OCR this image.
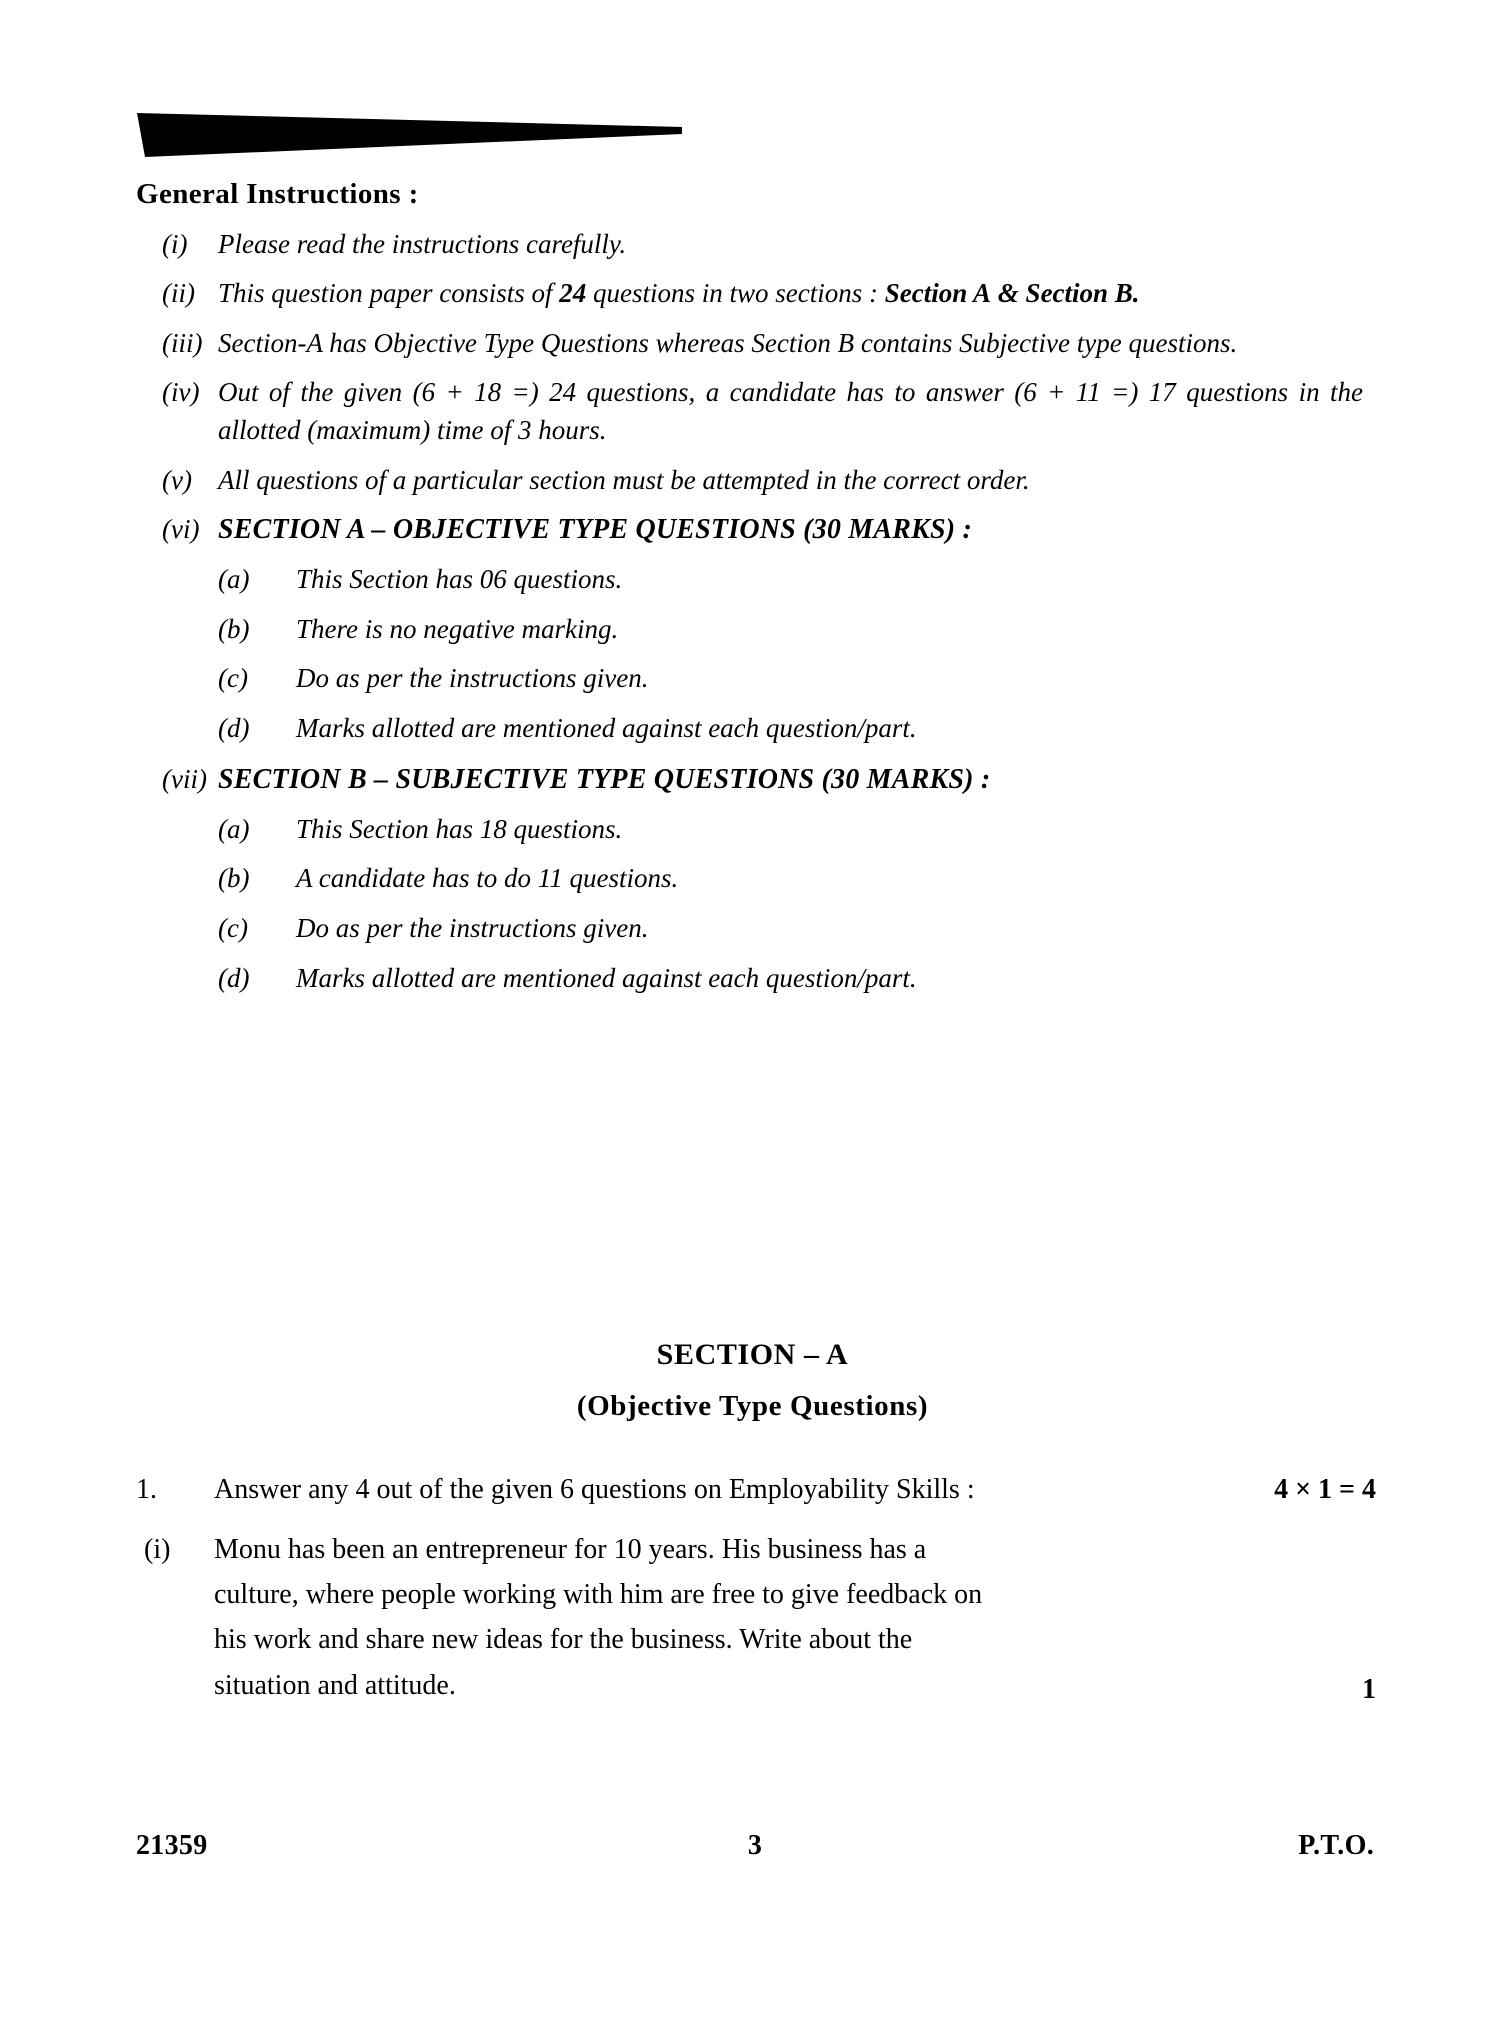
General Instructions :
(i)	Please read the instructions carefully.
(ii) This question paper consists of 24 questions in two sections : Section A & Section B.
(iii) Section-A has Objective Type Questions whereas Section B contains Subjective type questions.
(iv) Out of the given (6 + 18 =) 24 questions, a candidate has to answer (6 + 11 =) 17 questions in the allotted (maximum) time of 3 hours.
(v) All questions of a particular section must be attempted in the correct order.
(vi) SECTION A – OBJECTIVE TYPE QUESTIONS (30 MARKS) :
(a)	This Section has 06 questions.
(b)	There is no negative marking.
(c)	Do as per the instructions given.
(d)	Marks allotted are mentioned against each question/part.
(vii) SECTION B – SUBJECTIVE TYPE QUESTIONS (30 MARKS) :
(a)	This Section has 18 questions.
(b)	A candidate has to do 11 questions.
(c)	Do as per the instructions given.
(d)	Marks allotted are mentioned against each question/part.
SECTION – A
(Objective Type Questions)
1.	Answer any 4 out of the given 6 questions on Employability Skills :	4 × 1 = 4
(i)	Monu has been an entrepreneur for 10 years. His business has a

culture, where people working with him are free to give feedback on

his work and share new ideas for the business. Write about the

situation and attitude.	1
21359	3	P.T.O.
